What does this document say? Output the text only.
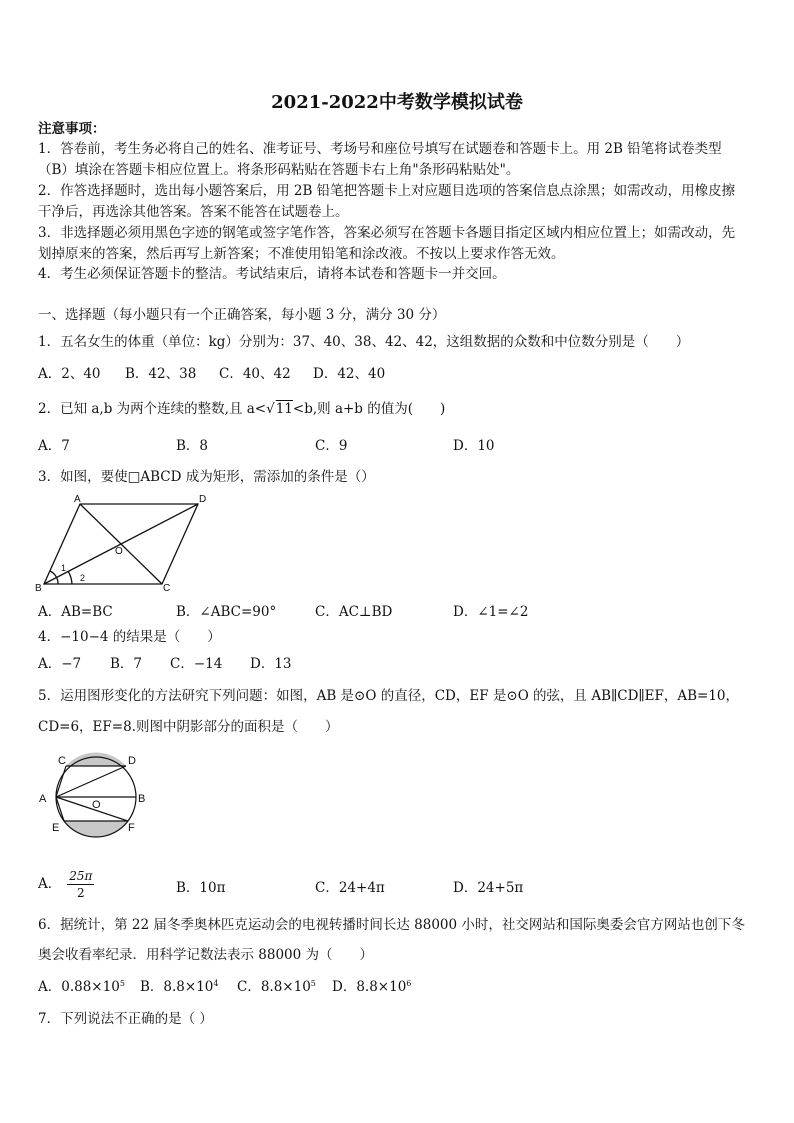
2021-2022中考数学模拟试卷
注意事项：
1．答卷前，考生务必将自己的姓名、准考证号、考场号和座位号填写在试题卷和答题卡上。用 2B 铅笔将试卷类型
（B）填涂在答题卡相应位置上。将条形码粘贴在答题卡右上角"条形码粘贴处"。
2．作答选择题时，选出每小题答案后，用 2B 铅笔把答题卡上对应题目选项的答案信息点涂黑；如需改动，用橡皮擦
干净后，再选涂其他答案。答案不能答在试题卷上。
3．非选择题必须用黑色字迹的钢笔或签字笔作答，答案必须写在答题卡各题目指定区域内相应位置上；如需改动，先
划掉原来的答案，然后再写上新答案；不准使用铅笔和涂改液。不按以上要求作答无效。
4．考生必须保证答题卡的整洁。考试结束后，请将本试卷和答题卡一并交回。
一、选择题（每小题只有一个正确答案，每小题 3 分，满分 30 分）
1．五名女生的体重（单位：kg）分别为：37、40、38、42、42，这组数据的众数和中位数分别是（　　）
A．2、40 B．42、38 C．40、42 D．42、40
2．已知 a,b 为两个连续的整数,且 a<√11<b,则 a+b 的值为(　　)
A．7	B．8	C．9	D．10
3．如图，要使□ABCD 成为矩形，需添加的条件是（）
A	D
B	C
O
1
2
A．AB=BC	B．∠ABC=90°	C．AC⊥BD	D．∠1=∠2
4．−10−4 的结果是（　　）
A．−7 B．7 C．−14 D．13
5．运用图形变化的方法研究下列问题：如图，AB 是⊙O 的直径，CD，EF 是⊙O 的弦，且 AB∥CD∥EF，AB=10，
CD=6，EF=8.则图中阴影部分的面积是（　　）
A	B
C	D
E	F
O
A． $\frac{25\pi}{2}$	B．10π	C．24+4π	D．24+5π
6．据统计，第 22 届冬季奥林匹克运动会的电视转播时间长达 88000 小时，社交网站和国际奥委会官方网站也创下冬
奥会收看率纪录．用科学记数法表示 88000 为（　　）
A．$0.88\times 10^5$ B．$8.8\times 10^4$ C．$8.8\times 10^5$ D．$8.8\times 10^6$
7．下列说法不正确的是（ ）
